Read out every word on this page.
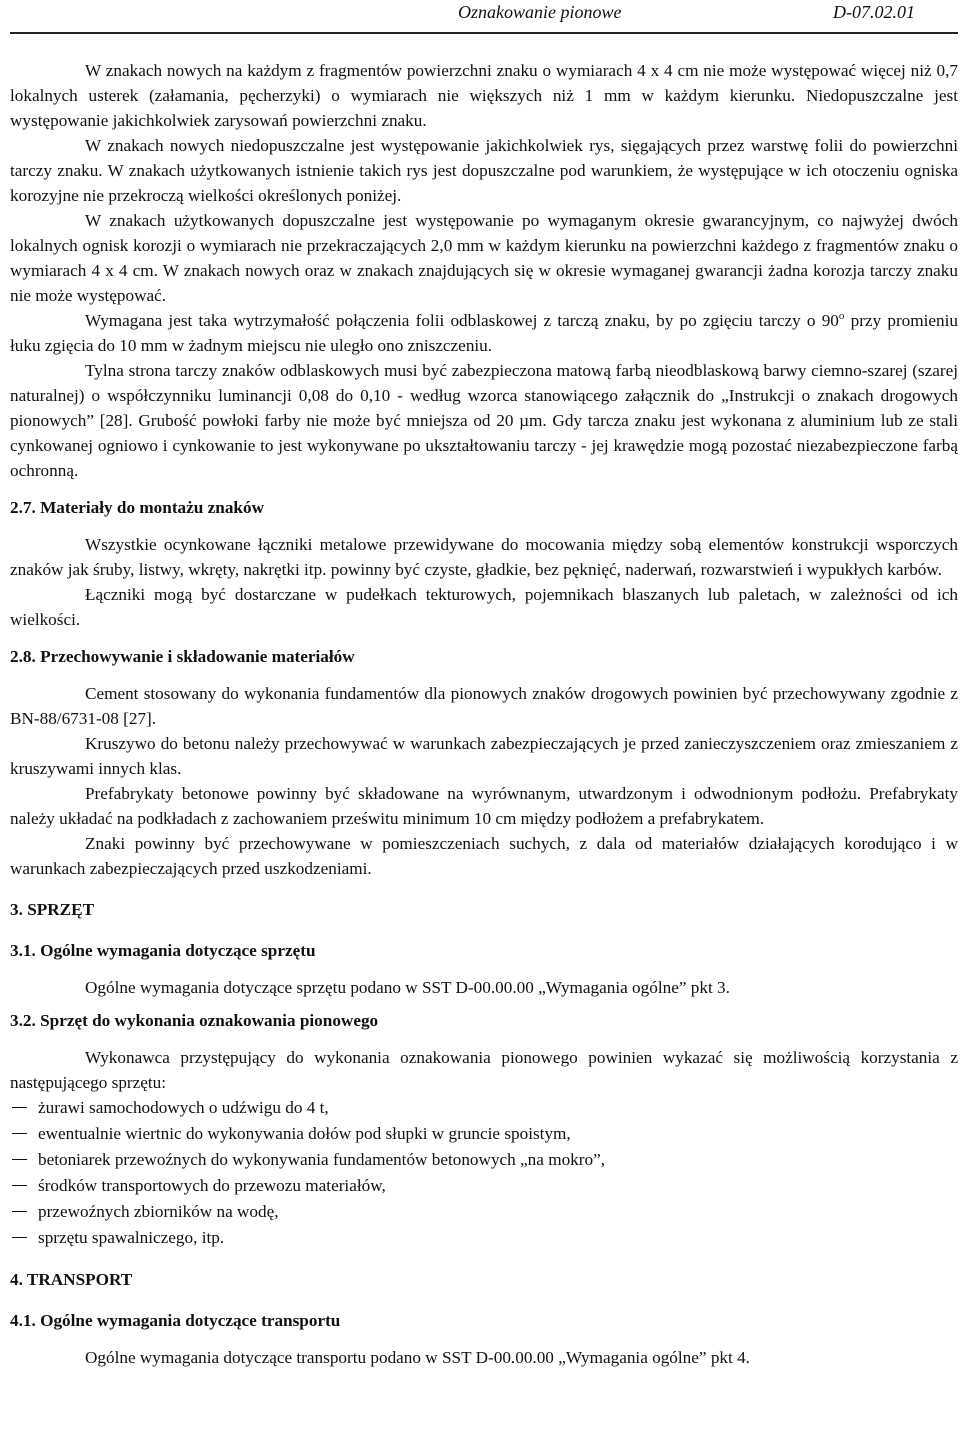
Oznakowanie pionowe	D-07.02.01

W znakach nowych na każdym z fragmentów powierzchni znaku o wymiarach 4 x 4 cm nie może występować więcej niż 0,7 lokalnych usterek (załamania, pęcherzyki) o wymiarach nie większych niż 1 mm w każdym kierunku. Niedopuszczalne jest występowanie jakichkolwiek zarysowań powierzchni znaku.

W znakach nowych niedopuszczalne jest występowanie jakichkolwiek rys, sięgających przez warstwę folii do powierzchni tarczy znaku. W znakach użytkowanych istnienie takich rys jest dopuszczalne pod warunkiem, że występujące w ich otoczeniu ogniska korozyjne nie przekroczą wielkości określonych poniżej.

W znakach użytkowanych dopuszczalne jest występowanie po wymaganym okresie gwarancyjnym, co najwyżej dwóch lokalnych ognisk korozji o wymiarach nie przekraczających 2,0 mm w każdym kierunku na powierzchni każdego z fragmentów znaku o wymiarach 4 x 4 cm. W znakach nowych oraz w znakach znajdujących się w okresie wymaganej gwarancji żadna korozja tarczy znaku nie może występować.

Wymagana jest taka wytrzymałość połączenia folii odblaskowej z tarczą znaku, by po zgięciu tarczy o 90$^o$ przy promieniu łuku zgięcia do 10 mm w żadnym miejscu nie uległo ono zniszczeniu.

Tylna strona tarczy znaków odblaskowych musi być zabezpieczona matową farbą nieodblaskową barwy ciemno-szarej (szarej naturalnej) o współczynniku luminancji 0,08 do 0,10 - według wzorca stanowiącego załącznik do „Instrukcji o znakach drogowych pionowych” [28]. Grubość powłoki farby nie może być mniejsza od 20 µm. Gdy tarcza znaku jest wykonana z aluminium lub ze stali cynkowanej ogniowo i cynkowanie to jest wykonywane po ukształtowaniu tarczy - jej krawędzie mogą pozostać niezabezpieczone farbą ochronną.

2.7. Materiały do montażu znaków

Wszystkie ocynkowane łączniki metalowe przewidywane do mocowania między sobą elementów konstrukcji wsporczych znaków jak śruby, listwy, wkręty, nakrętki itp. powinny być czyste, gładkie, bez pęknięć, naderwań, rozwarstwień i wypukłych karbów.

Łączniki mogą być dostarczane w pudełkach tekturowych, pojemnikach blaszanych lub paletach, w zależności od ich wielkości.

2.8. Przechowywanie i składowanie materiałów

Cement stosowany do wykonania fundamentów dla pionowych znaków drogowych powinien być przechowywany zgodnie z BN-88/6731-08 [27].

Kruszywo do betonu należy przechowywać w warunkach zabezpieczających je przed zanieczyszczeniem oraz zmieszaniem z kruszywami innych klas.

Prefabrykaty betonowe powinny być składowane na wyrównanym, utwardzonym i odwodnionym podłożu. Prefabrykaty należy układać na podkładach z zachowaniem prześwitu minimum 10 cm między podłożem a prefabrykatem.

Znaki powinny być przechowywane w pomieszczeniach suchych, z dala od materiałów działających korodująco i w warunkach zabezpieczających przed uszkodzeniami.

3. SPRZĘT
3.1. Ogólne wymagania dotyczące sprzętu

Ogólne wymagania dotyczące sprzętu podano w SST D-00.00.00 „Wymagania ogólne” pkt 3.

3.2. Sprzęt do wykonania oznakowania pionowego

Wykonawca przystępujący do wykonania oznakowania pionowego powinien wykazać się możliwością korzystania z następującego sprzętu:

żurawi samochodowych o udźwigu do 4 t,
ewentualnie wiertnic do wykonywania dołów pod słupki w gruncie spoistym,
betoniarek przewoźnych do wykonywania fundamentów betonowych „na mokro”,
środków transportowych do przewozu materiałów,
przewoźnych zbiorników na wodę,
sprzętu spawalniczego, itp.
4. TRANSPORT
4.1. Ogólne wymagania dotyczące transportu

Ogólne wymagania dotyczące transportu podano w SST D-00.00.00 „Wymagania ogólne” pkt 4.
